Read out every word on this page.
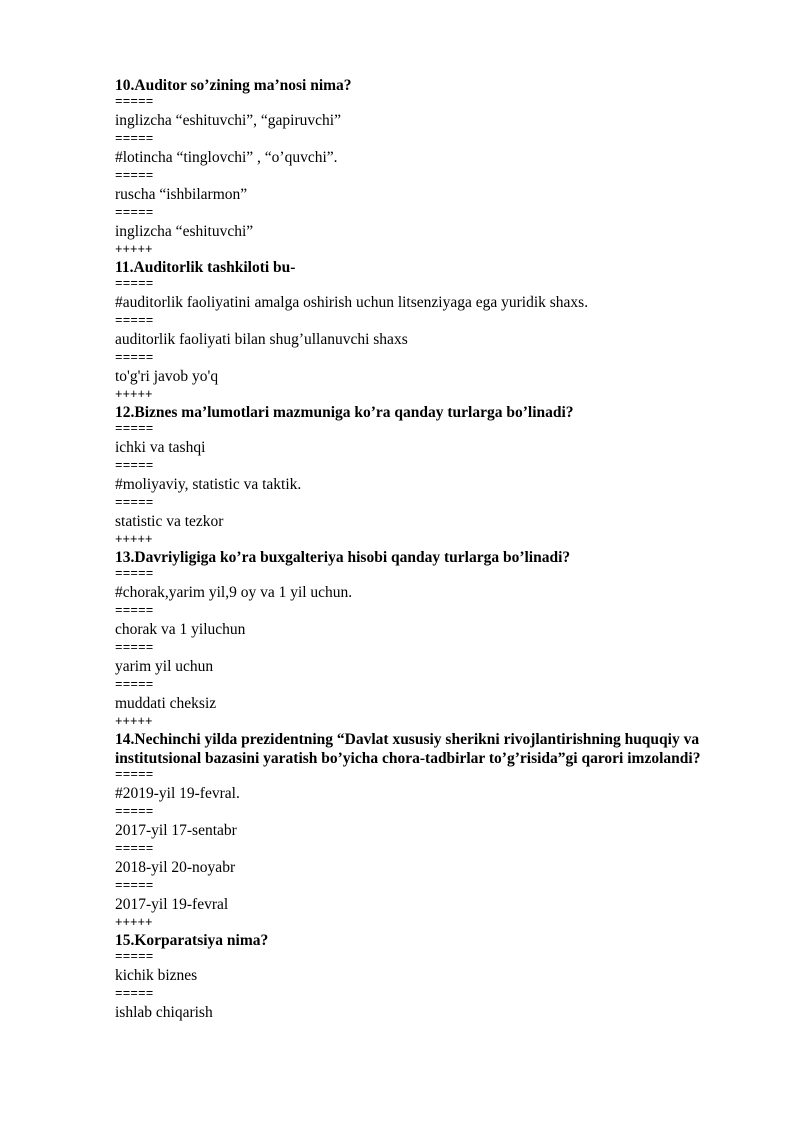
10.Auditor so’zining ma’nosi nima?

=====

inglizcha “eshituvchi”, “gapiruvchi”

=====

#lotincha “tinglovchi” , “o’quvchi”.

=====

ruscha “ishbilarmon”

=====

inglizcha “eshituvchi”

+++++

11.Auditorlik tashkiloti bu-

=====

#auditorlik faoliyatini amalga oshirish uchun litsenziyaga ega yuridik shaxs.

=====

auditorlik faoliyati bilan shug’ullanuvchi shaxs

=====

to'g'ri javob yo'q

+++++

12.Biznes ma’lumotlari mazmuniga ko’ra qanday turlarga bo’linadi?

=====

ichki va tashqi

=====

#moliyaviy, statistic va taktik.

=====

statistic va tezkor

+++++

13.Davriyligiga ko’ra buxgalteriya hisobi qanday turlarga bo’linadi?

=====

#chorak,yarim yil,9 oy va 1 yil uchun.

=====

chorak va 1 yiluchun

=====

yarim yil uchun

=====

muddati cheksiz

+++++

14.Nechinchi yilda prezidentning “Davlat xususiy sherikni rivojlantirishning huquqiy va institutsional bazasini yaratish bo’yicha chora-tadbirlar to’g’risida”gi qarori imzolandi?

=====

#2019-yil 19-fevral.

=====

2017-yil 17-sentabr

=====

2018-yil 20-noyabr

=====

2017-yil 19-fevral

+++++

15.Korparatsiya nima?

=====

kichik biznes

=====

ishlab chiqarish
